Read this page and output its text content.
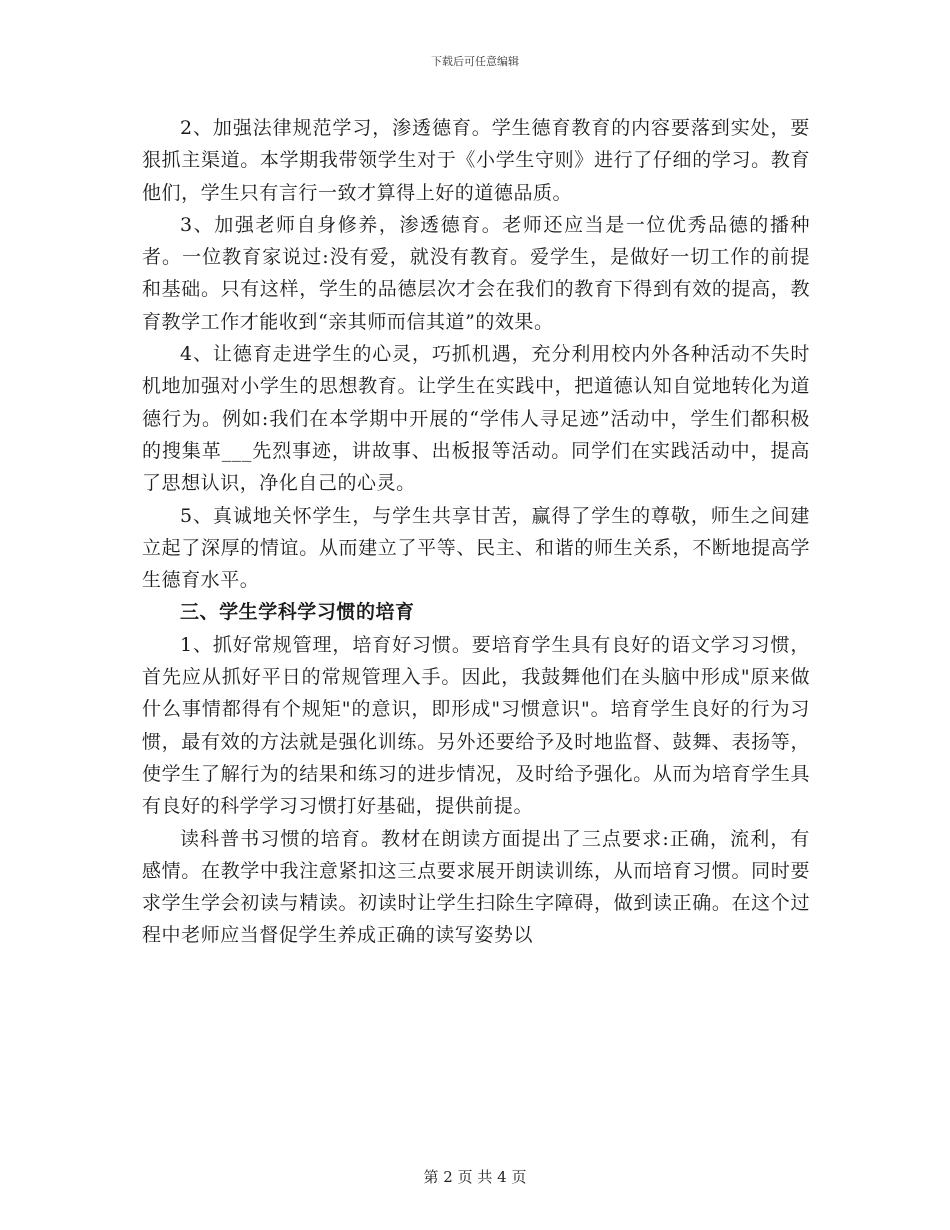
下载后可任意编辑

2、加强法律规范学习，渗透德育。学生德育教育的内容要落到实处，要狠抓主渠道。本学期我带领学生对于《小学生守则》进行了仔细的学习。教育他们，学生只有言行一致才算得上好的道德品质。

3、加强老师自身修养，渗透德育。老师还应当是一位优秀品德的播种者。一位教育家说过:没有爱，就没有教育。爱学生，是做好一切工作的前提和基础。只有这样，学生的品德层次才会在我们的教育下得到有效的提高，教育教学工作才能收到“亲其师而信其道”的效果。

4、让德育走进学生的心灵，巧抓机遇，充分利用校内外各种活动不失时机地加强对小学生的思想教育。让学生在实践中，把道德认知自觉地转化为道德行为。例如:我们在本学期中开展的“学伟人寻足迹”活动中，学生们都积极的搜集革___先烈事迹，讲故事、出板报等活动。同学们在实践活动中，提高了思想认识，净化自己的心灵。

5、真诚地关怀学生，与学生共享甘苦，赢得了学生的尊敬，师生之间建立起了深厚的情谊。从而建立了平等、民主、和谐的师生关系，不断地提高学生德育水平。

三、学生学科学习惯的培育

1、抓好常规管理，培育好习惯。要培育学生具有良好的语文学习习惯，首先应从抓好平日的常规管理入手。因此，我鼓舞他们在头脑中形成"原来做什么事情都得有个规矩"的意识，即形成"习惯意识"。培育学生良好的行为习惯，最有效的方法就是强化训练。另外还要给予及时地监督、鼓舞、表扬等，使学生了解行为的结果和练习的进步情况，及时给予强化。从而为培育学生具有良好的科学学习习惯打好基础，提供前提。

读科普书习惯的培育。教材在朗读方面提出了三点要求:正确，流利，有感情。在教学中我注意紧扣这三点要求展开朗读训练，从而培育习惯。同时要求学生学会初读与精读。初读时让学生扫除生字障碍，做到读正确。在这个过程中老师应当督促学生养成正确的读写姿势以

第 2 页 共 4 页
